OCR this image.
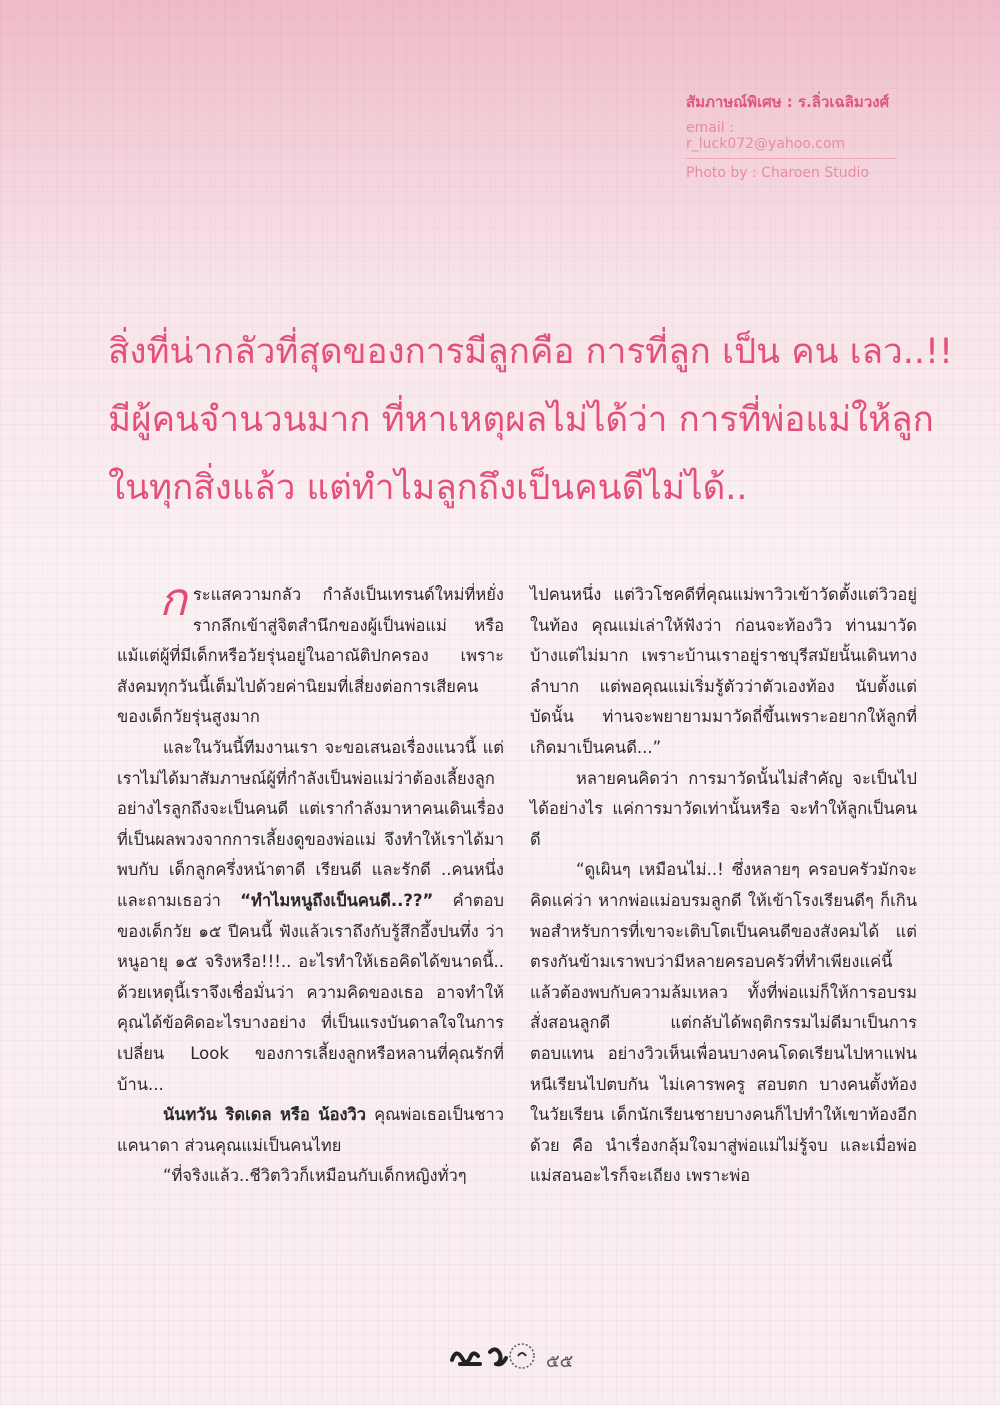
สัมภาษณ์พิเศษ : ร.ลิ่วเฉลิมวงศ์
email : r_luck072@yahoo.com
Photo by : Charoen Studio
สิ่งที่น่ากลัวที่สุดของการมีลูกคือ การที่ลูก เป็น คน เลว..!!
มีผู้คนจำนวนมาก ที่หาเหตุผลไม่ได้ว่า การที่พ่อแม่ให้ลูก
ในทุกสิ่งแล้ว แต่ทำไมลูกถึงเป็นคนดีไม่ได้..

กระแสความกลัว กำลังเป็นเทรนด์ใหม่ที่หยั่งรากลึกเข้าสู่จิตสำนึกของผู้เป็นพ่อแม่ หรือแม้แต่ผู้ที่มีเด็กหรือวัยรุ่นอยู่ในอาณัติปกครอง เพราะสังคมทุกวันนี้เต็มไปด้วยค่านิยมที่เสี่ยงต่อการเสียคนของเด็กวัยรุ่นสูงมาก

และในวันนี้ทีมงานเรา จะขอเสนอเรื่องแนวนี้ แต่เราไม่ได้มาสัมภาษณ์ผู้ที่กำลังเป็นพ่อแม่ว่าต้องเลี้ยงลูกอย่างไรลูกถึงจะเป็นคนดี แต่เรากำลังมาหาคนเดินเรื่อง ที่เป็นผลพวงจากการเลี้ยงดูของพ่อแม่ จึงทำให้เราได้มาพบกับ เด็กลูกครึ่งหน้าตาดี เรียนดี และรักดี ..คนหนึ่ง และถามเธอว่า “ทำไมหนูถึงเป็นคนดี..??” คำตอบของเด็กวัย ๑๕ ปีคนนี้ ฟังแล้วเราถึงกับรู้สึกอึ้งปนทึ่ง ว่าหนูอายุ ๑๕ จริงหรือ!!!.. อะไรทำให้เธอคิดได้ขนาดนี้.. ด้วยเหตุนี้เราจึงเชื่อมั่นว่า ความคิดของเธอ อาจทำให้คุณได้ข้อคิดอะไรบางอย่าง ที่เป็นแรงบันดาลใจในการเปลี่ยน Look ของการเลี้ยงลูกหรือหลานที่คุณรักที่บ้าน...

นันทวัน ริดเดล หรือ น้องวิว คุณพ่อเธอเป็นชาวแคนาดา ส่วนคุณแม่เป็นคนไทย

“ที่จริงแล้ว..ชีวิตวิวก็เหมือนกับเด็กหญิงทั่วๆ

ไปคนหนึ่ง แต่วิวโชคดีที่คุณแม่พาวิวเข้าวัดตั้งแต่วิวอยู่ในท้อง คุณแม่เล่าให้ฟังว่า ก่อนจะท้องวิว ท่านมาวัดบ้างแต่ไม่มาก เพราะบ้านเราอยู่ราชบุรีสมัยนั้นเดินทางลำบาก แต่พอคุณแม่เริ่มรู้ตัวว่าตัวเองท้อง นับตั้งแต่บัดนั้น ท่านจะพยายามมาวัดถี่ขึ้นเพราะอยากให้ลูกที่เกิดมาเป็นคนดี...”

หลายคนคิดว่า การมาวัดนั้นไม่สำคัญ จะเป็นไปได้อย่างไร แค่การมาวัดเท่านั้นหรือ จะทำให้ลูกเป็นคนดี

“ดูเผินๆ เหมือนไม่..! ซึ่งหลายๆ ครอบครัวมักจะคิดแค่ว่า หากพ่อแม่อบรมลูกดี ให้เข้าโรงเรียนดีๆ ก็เกินพอสำหรับการที่เขาจะเติบโตเป็นคนดีของสังคมได้ แต่ตรงกันข้ามเราพบว่ามีหลายครอบครัวที่ทำเพียงแค่นี้แล้วต้องพบกับความล้มเหลว ทั้งที่พ่อแม่ก็ให้การอบรมสั่งสอนลูกดี แต่กลับได้พฤติกรรมไม่ดีมาเป็นการตอบแทน อย่างวิวเห็นเพื่อนบางคนโดดเรียนไปหาแฟน หนีเรียนไปตบกัน ไม่เคารพครู สอบตก บางคนตั้งท้องในวัยเรียน เด็กนักเรียนชายบางคนก็ไปทำให้เขาท้องอีกด้วย คือ นำเรื่องกลุ้มใจมาสู่พ่อแม่ไม่รู้จบ และเมื่อพ่อแม่สอนอะไรก็จะเถียง เพราะพ่อ

๕๕
